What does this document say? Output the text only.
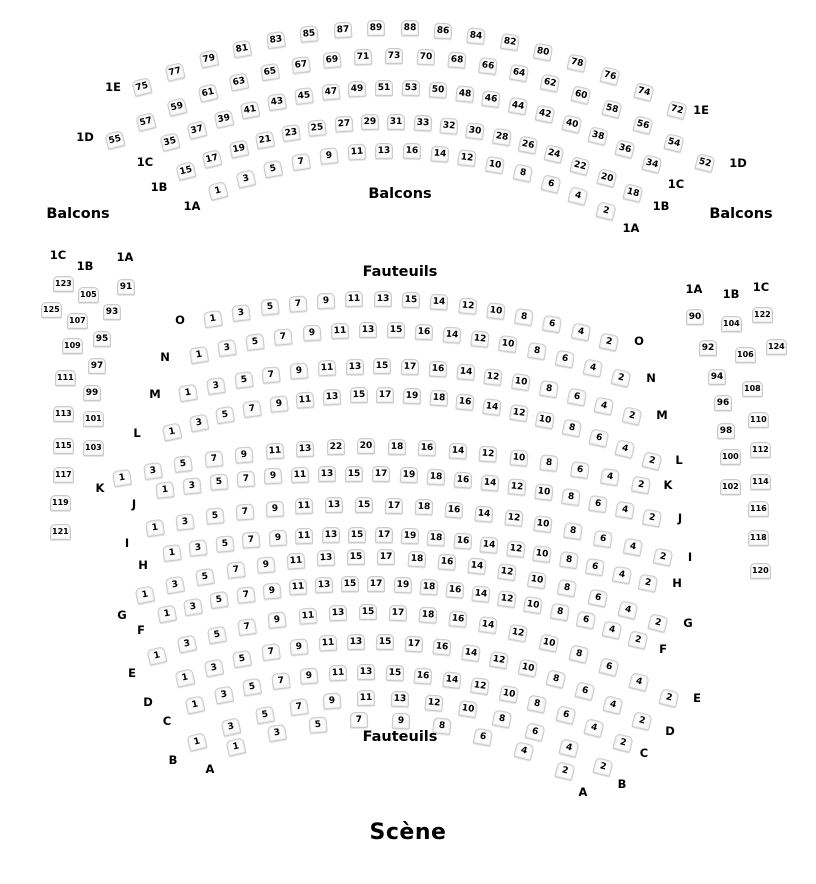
75
77
79
81
83
85	87	89	88	86	84
82
80
78
76
74
72
1E
1E
55
57
59
61
63
65
67	69	71	73	70	68	66
64
62
60
58
56
54
52
1D
1D
35
37
39
41
43
45	47	49	51	53	50	48	46
44
42
40
38
36
34
1C
1C
15
17
19
21
23	25	27	29	31	33	32	30
28
26
24
22
20
18
1B
1B
1
3
5
7
9	11	13	16	14	12
10
8
6
4
2
1A
1A
1
3	5	7	9	11	13	15	14	12	10
8
6
4
2
O
O
1
3
5	7	9	11	13	15	16	14	12	10
8
6
4
2
N
N
1
3
5	7	9	11	13	15	17	16	14	12	10
8
6
4
2
M
M
1
3
5
7	9	11	13	15	17	19	18	16	14
12
10
8
6
4
2
L
L
1
3
5
7	9	11	13	22	20	18	16	14	12	10	8
6
4
2
K	K
1	3	5	7	9	11	13	15	17	19	18	16	14	12	10	8
6
4
2
J
J
1
3	5	7	9	11	13	15	17	18	16	14	12	10
8
6
4
2
I
I
1	3	5	7	9	11	13	15	17	19	18	16	14	12	10
8
6
4
2
H
H
1
3
5
7
9	11	13	15	17	18	16	14
12
10
8
6
4
2
G
G
1
3
5	7	9	11	13	15	17	19	18	16	14	12
10
8
6
4
2
F
F
1
3
5
7
9	11	13	15	17	18	16
14
12
10
8
6
4
2
E
E
1
3
5
7	9	11	13	15	17	16	14
12
10
8
6
4
2
D
D
1
3
5
7	9	11	13	15	16	14
12
10
8
6
4
2
C
C
1
3
5
7
9	11	13	12
10
8
6
4
2
B
B
1
3
5	7	9
8
6
4
2
A
A
1C
1B
1A
91
93
95
97
99
101
103
105
107
109
111
113
115
117
119
121
123
125
1A 1B 1C
90
92
94
96
98
100
102
104
106
108
110
112
114
116
118
120
122
124
Balcons
Balcons
Balcons
Fauteuils
Fauteuils
Scène
